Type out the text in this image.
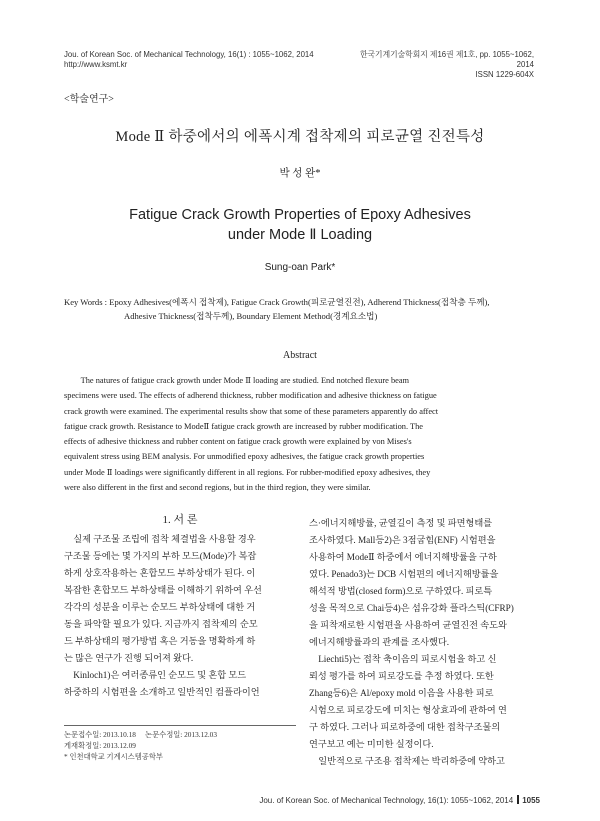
Jou. of Korean Soc. of Mechanical Technology, 16(1) : 1055~1062, 2014
http://www.ksmt.kr
한국기계기술학회지 제16권 제1호, pp. 1055~1062, 2014
ISSN 1229-604X
<학술연구>
Mode Ⅱ 하중에서의 에폭시계 접착제의 피로균열 진전특성
박 성 완*
Fatigue Crack Growth Properties of Epoxy Adhesives
under Mode Ⅱ Loading
Sung-oan Park*
Key Words : Epoxy Adhesives(에폭시 접착제), Fatigue Crack Growth(피로균열진전), Adherend Thickness(접착층 두께),
Adhesive Thickness(접착두께), Boundary Element Method(경계요소법)
Abstract
The natures of fatigue crack growth under Mode Ⅱ loading are studied. End notched flexure beam
specimens were used. The effects of adherend thickness, rubber modification and adhesive thickness on fatigue
crack growth were examined. The experimental results show that some of these parameters apparently do affect
fatigue crack growth. Resistance to ModeⅡ fatigue crack growth are increased by rubber modification. The
effects of adhesive thickness and rubber content on fatigue crack growth were explained by von Mises's
equivalent stress using BEM analysis. For unmodified epoxy adhesives, the fatigue crack growth properties
under Mode Ⅱ loadings were significantly different in all regions. For rubber-modified epoxy adhesives, they
were also different in the first and second regions, but in the third region, they were similar.
1. 서 론
실제 구조물 조립에 접착 체결법을 사용할 경우
구조물 등에는 몇 가지의 부하 모드(Mode)가 복잡
하게 상호작용하는 혼합모드 부하상태가 된다. 이
복잡한 혼합모드 부하상태를 이해하기 위하여 우선
각각의 성분을 이루는 순모드 부하상태에 대한 거
동을 파악할 필요가 있다. 지금까지 접착제의 순모
드 부하상태의 평가방법 혹은 거동을 명확하게 하
는 많은 연구가 진행 되어져 왔다.
Kinloch1)은 여러종류인 순모드 및 혼합 모드
하중하의 시험편을 소개하고 일반적인 컴플라이언
스·에너지해방률, 균열길이 측정 및 파면형태를
조사하였다. Mall등2)은 3점굽힘(ENF) 시험편을
사용하여 ModeⅡ 하중에서 에너지해방률을 구하
였다. Penado3)는 DCB 시험편의 에너지해방률을
해석적 방법(closed form)으로 구하였다. 피로특
성을 목적으로 Chai등4)은 섬유강화 플라스틱(CFRP)
을 피착재로한 시험편을 사용하여 균열진전 속도와
에너지해방률과의 관계를 조사했다.
Liechti5)는 접착 축이음의 피로시험을 하고 신
뢰성 평가를 하여 피로강도를 추정 하였다. 또한
Zhang등6)은 Al/epoxy mold 이음을 사용한 피로
시험으로 피로강도에 미치는 형상효과에 관하여 연
구 하였다. 그러나 피로하중에 대한 접착구조물의
연구보고 예는 미미한 실정이다.
일반적으로 구조용 접착제는 박리하중에 약하고
논문접수일: 2013.10.18     논문수정일: 2013.12.03
게재확정일: 2013.12.09
* 인천대학교 기계시스템공학부
Jou. of Korean Soc. of Mechanical Technology, 16(1): 1055~1062, 2014 1055
